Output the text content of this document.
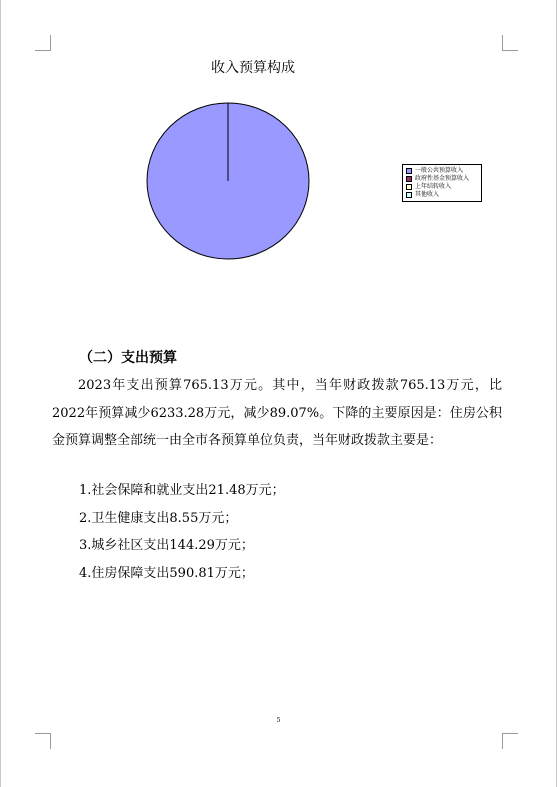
收入预算构成
一般公共预算收入
政府性基金预算收入
上年结转收入
其他收入
（二）支出预算
2023年支出预算765.13万元。其中，当年财政拨款765.13万元，比2022年预算减少6233.28万元，减少89.07%。下降的主要原因是：住房公积金预算调整全部统一由全市各预算单位负责，当年财政拨款主要是：
1.社会保障和就业支出21.48万元；
2.卫生健康支出8.55万元；
3.城乡社区支出144.29万元；
4.住房保障支出590.81万元；
5
